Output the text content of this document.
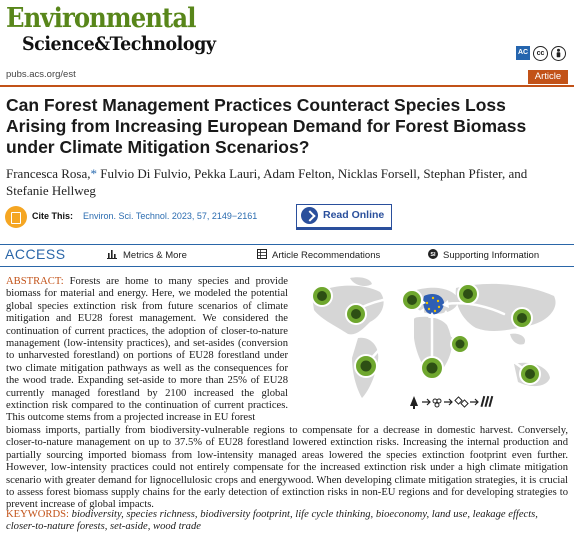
Environmental
Science&Technology	AC	cc
pubs.acs.org/est	Article
Can Forest Management Practices Counteract Species Loss Arising from Increasing European Demand for Forest Biomass under Climate Mitigation Scenarios?
Francesca Rosa,* Fulvio Di Fulvio, Pekka Lauri, Adam Felton, Nicklas Forsell, Stephan Pfister, and Stefanie Hellweg
Cite This: Environ. Sci. Technol. 2023, 57, 2149−2161	Read Online
ACCESS	Metrics & More	Article Recommendations	SI Supporting Information
ABSTRACT: Forests are home to many species and provide biomass for material and energy. Here, we modeled the potential global species extinction risk from future scenarios of climate mitigation and EU28 forest management. We considered the continuation of current practices, the adoption of closer-to-nature management (low-intensity practices), and set-asides (conversion to unharvested forestland) on portions of EU28 forestland under two climate mitigation pathways as well as the consequences for the wood trade. Expanding set-aside to more than 25% of EU28 currently managed forestland by 2100 increased the global extinction risk compared to the continuation of current practices. This outcome stems from a projected increase in EU forest
biomass imports, partially from biodiversity-vulnerable regions to compensate for a decrease in domestic harvest. Conversely, closer-to-nature management on up to 37.5% of EU28 forestland lowered extinction risks. Increasing the internal production and partially sourcing imported biomass from low-intensity managed areas lowered the species extinction footprint even further. However, low-intensity practices could not entirely compensate for the increased extinction risk under a high climate mitigation scenario with greater demand for lignocellulosic crops and energywood. When developing climate mitigation strategies, it is crucial to assess forest biomass supply chains for the early detection of extinction risks in non-EU regions and for developing strategies to prevent increase of global impacts.
KEYWORDS: biodiversity, species richness, biodiversity footprint, life cycle thinking, bioeconomy, land use, leakage effects, closer-to-nature forests, set-aside, wood trade
